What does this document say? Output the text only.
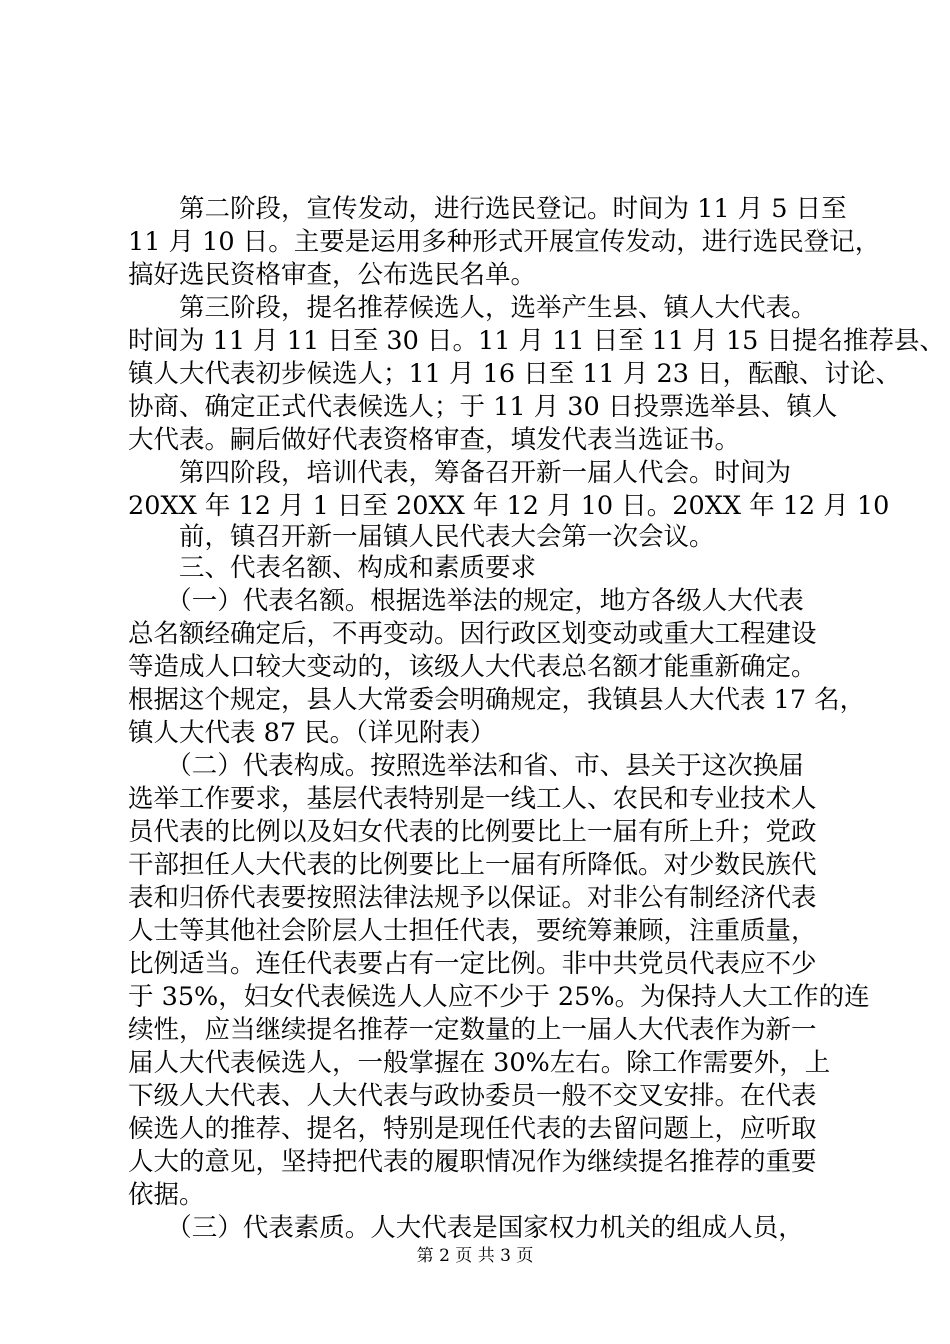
　　第二阶段，宣传发动，进行选民登记。时间为 11 月 5 日至
11 月 10 日。主要是运用多种形式开展宣传发动，进行选民登记，
搞好选民资格审查，公布选民名单。
　　第三阶段，提名推荐候选人，选举产生县、镇人大代表。
时间为 11 月 11 日至 30 日。11 月 11 日至 11 月 15 日提名推荐县、
镇人大代表初步候选人；11 月 16 日至 11 月 23 日，酝酿、讨论、
协商、确定正式代表候选人；于 11 月 30 日投票选举县、镇人
大代表。嗣后做好代表资格审查，填发代表当选证书。
　　第四阶段，培训代表，筹备召开新一届人代会。时间为
20XX 年 12 月 1 日至 20XX 年 12 月 10 日。20XX 年 12 月 10
　　前，镇召开新一届镇人民代表大会第一次会议。
　　三、代表名额、构成和素质要求
　　（一）代表名额。根据选举法的规定，地方各级人大代表
总名额经确定后，不再变动。因行政区划变动或重大工程建设
等造成人口较大变动的，该级人大代表总名额才能重新确定。
根据这个规定，县人大常委会明确规定，我镇县人大代表 17 名，
镇人大代表 87 民。（详见附表）
　　（二）代表构成。按照选举法和省、市、县关于这次换届
选举工作要求，基层代表特别是一线工人、农民和专业技术人
员代表的比例以及妇女代表的比例要比上一届有所上升；党政
干部担任人大代表的比例要比上一届有所降低。对少数民族代
表和归侨代表要按照法律法规予以保证。对非公有制经济代表
人士等其他社会阶层人士担任代表，要统筹兼顾，注重质量，
比例适当。连任代表要占有一定比例。非中共党员代表应不少
于 35%，妇女代表候选人人应不少于 25%。为保持人大工作的连
续性，应当继续提名推荐一定数量的上一届人大代表作为新一
届人大代表候选人，一般掌握在 30%左右。除工作需要外，上
下级人大代表、人大代表与政协委员一般不交叉安排。在代表
候选人的推荐、提名，特别是现任代表的去留问题上，应听取
人大的意见，坚持把代表的履职情况作为继续提名推荐的重要
依据。
　　（三）代表素质。人大代表是国家权力机关的组成人员，
第 2 页 共 3 页
